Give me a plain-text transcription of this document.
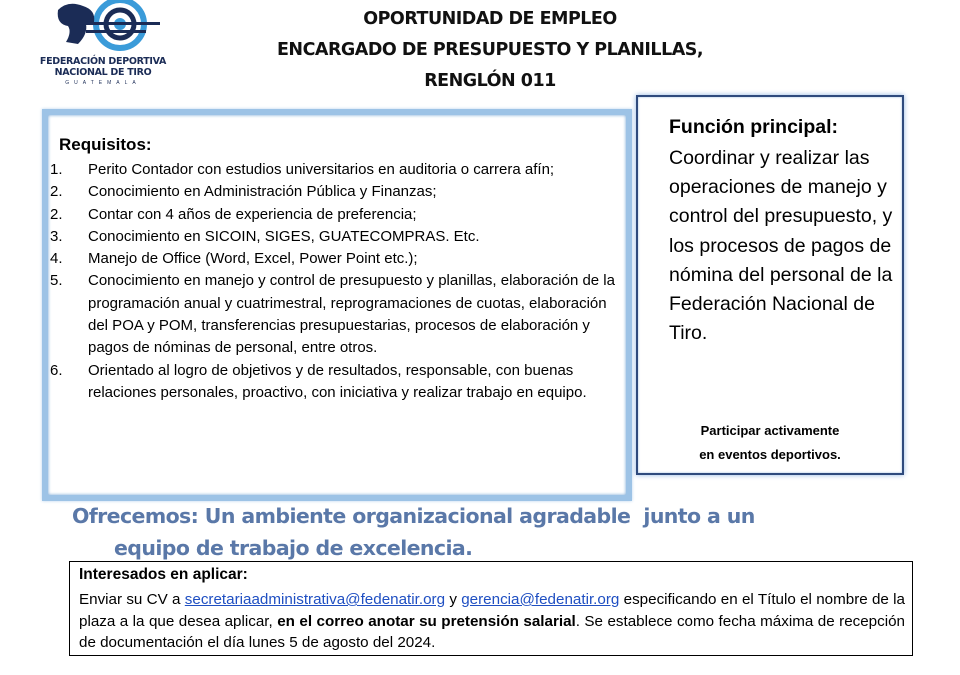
FEDERACIÓN DEPORTIVA
NACIONAL DE TIRO
GUATEMALA
OPORTUNIDAD DE EMPLEO
ENCARGADO DE PRESUPUESTO Y PLANILLAS,
RENGLÓN 011
Requisitos:
1. Perito Contador con estudios universitarios en auditoria o carrera afín;
2. Conocimiento en Administración Pública y Finanzas;
2. Contar con 4 años de experiencia de preferencia;
3. Conocimiento en SICOIN, SIGES, GUATECOMPRAS. Etc.
4. Manejo de Office (Word, Excel, Power Point etc.);
5. Conocimiento en manejo y control de presupuesto y planillas, elaboración de la programación anual y cuatrimestral, reprogramaciones de cuotas, elaboración del POA y POM, transferencias presupuestarias, procesos de elaboración y pagos de nóminas de personal, entre otros.
6. Orientado al logro de objetivos y de resultados, responsable, con buenas relaciones personales, proactivo, con iniciativa y realizar trabajo en equipo.
Función principal:
Coordinar y realizar las operaciones de manejo y control del presupuesto, y los procesos de pagos de nómina del personal de la Federación Nacional de Tiro.
Participar activamente
en eventos deportivos.
Ofrecemos: Un ambiente organizacional agradable  junto a un
equipo de trabajo de excelencia.
Interesados en aplicar:
Enviar su CV a secretariaadministrativa@fedenatir.org y gerencia@fedenatir.org especificando en el Título el nombre de la plaza a la que desea aplicar, en el correo anotar su pretensión salarial. Se establece como fecha máxima de recepción de documentación el día lunes 5 de agosto del 2024.
